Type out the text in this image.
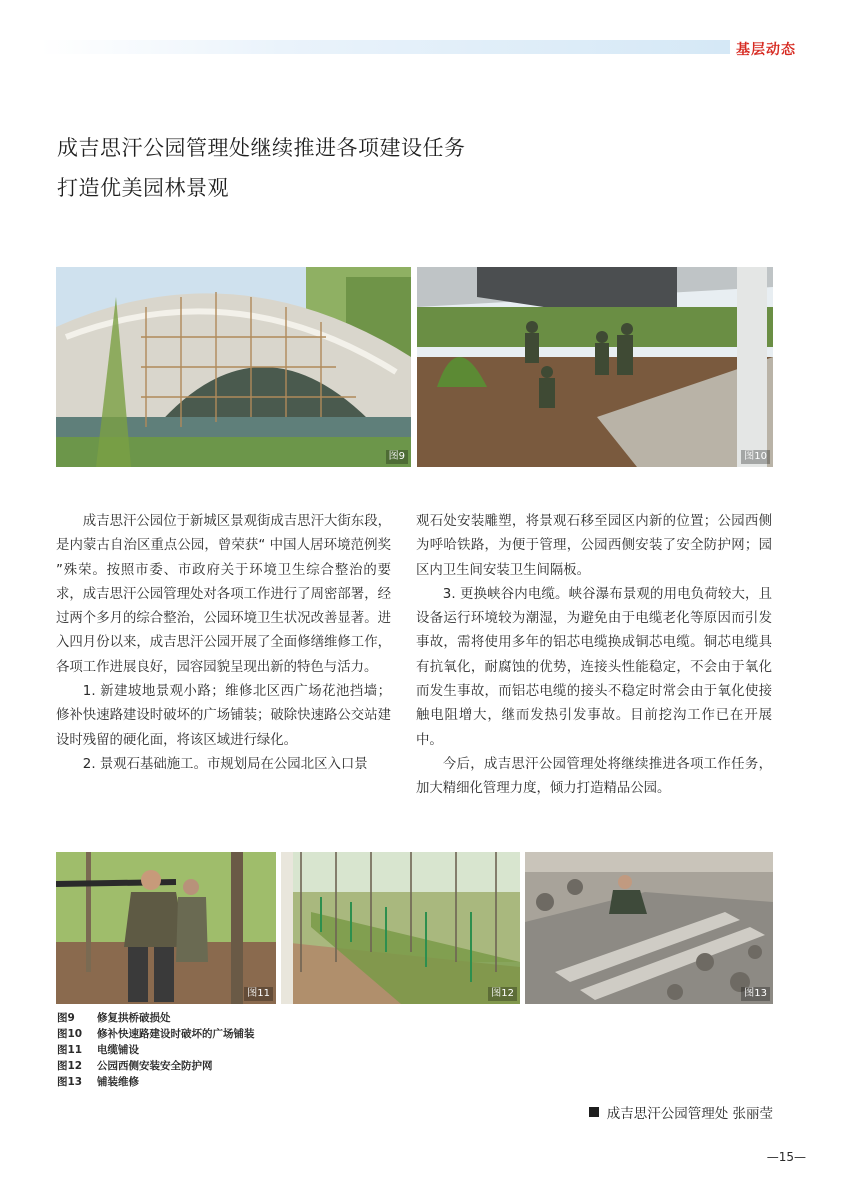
基层动态
成吉思汗公园管理处继续推进各项建设任务
打造优美园林景观
图9	图10

成吉思汗公园位于新城区景观街成吉思汗大街东段，是内蒙古自治区重点公园，曾荣获“ 中国人居环境范例奖 ”殊荣。按照市委、市政府关于环境卫生综合整治的要求，成吉思汗公园管理处对各项工作进行了周密部署，经过两个多月的综合整治，公园环境卫生状况改善显著。进入四月份以来，成吉思汗公园开展了全面修缮维修工作，各项工作进展良好，园容园貌呈现出新的特色与活力。

1. 新建坡地景观小路；维修北区西广场花池挡墙；修补快速路建设时破坏的广场铺装；破除快速路公交站建设时残留的硬化面，将该区域进行绿化。

2. 景观石基础施工。市规划局在公园北区入口景

观石处安装雕塑，将景观石移至园区内新的位置；公园西侧为呼哈铁路，为便于管理，公园西侧安装了安全防护网；园区内卫生间安装卫生间隔板。

3. 更换峡谷内电缆。峡谷瀑布景观的用电负荷较大，且设备运行环境较为潮湿，为避免由于电缆老化等原因而引发事故，需将使用多年的铝芯电缆换成铜芯电缆。铜芯电缆具有抗氧化，耐腐蚀的优势，连接头性能稳定，不会由于氧化而发生事故，而铝芯电缆的接头不稳定时常会由于氧化使接触电阻增大，继而发热引发事故。目前挖沟工作已在开展中。

今后，成吉思汗公园管理处将继续推进各项工作任务，加大精细化管理力度，倾力打造精品公园。

图11	图12	图13
图9	修复拱桥破损处
图10	修补快速路建设时破坏的广场铺装
图11	电缆铺设
图12	公园西侧安装安全防护网
图13	铺装维修
成吉思汗公园管理处 张丽莹
—15—
